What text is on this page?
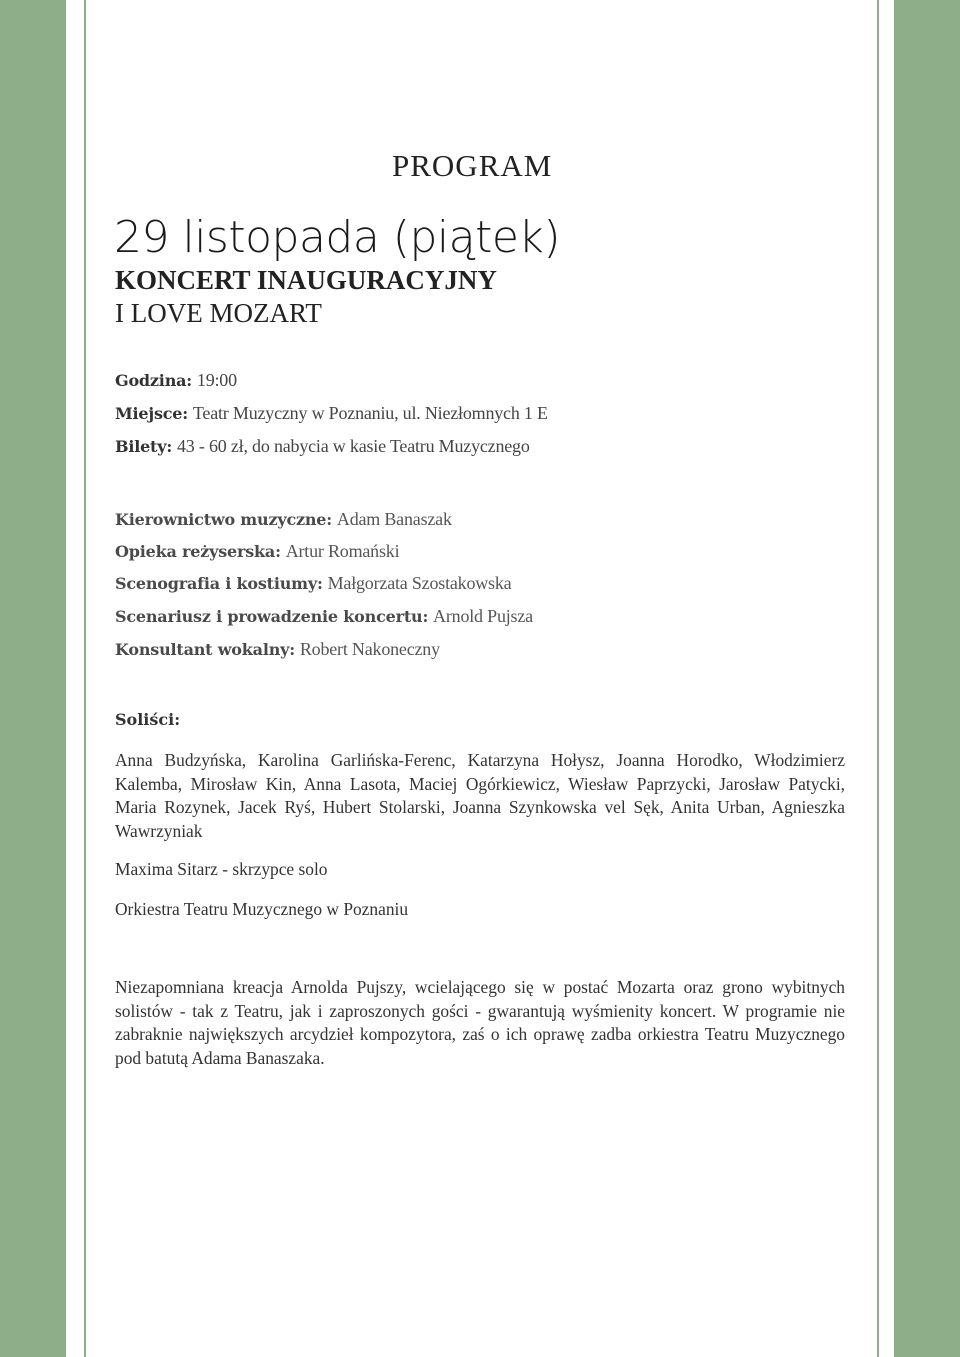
PROGRAM
29 listopada (piątek)
KONCERT INAUGURACYJNY
I LOVE MOZART
Godzina: 19:00
Miejsce: Teatr Muzyczny w Poznaniu, ul. Niezłomnych 1 E
Bilety: 43 - 60 zł, do nabycia w kasie Teatru Muzycznego
Kierownictwo muzyczne: Adam Banaszak
Opieka reżyserska: Artur Romański
Scenografia i kostiumy: Małgorzata Szostakowska
Scenariusz i prowadzenie koncertu: Arnold Pujsza
Konsultant wokalny: Robert Nakoneczny
Soliści:
Anna Budzyńska, Karolina Garlińska-Ferenc, Katarzyna Hołysz, Joanna Horodko, Włodzimierz Kalemba, Mirosław Kin, Anna Lasota, Maciej Ogórkiewicz, Wiesław Paprzycki, Jarosław Patycki, Maria Rozynek, Jacek Ryś, Hubert Stolarski, Joanna Szynkowska vel Sęk, Anita Urban, Agnieszka Wawrzyniak
Maxima Sitarz - skrzypce solo
Orkiestra Teatru Muzycznego w Poznaniu
Niezapomniana kreacja Arnolda Pujszy, wcielającego się w postać Mozarta oraz grono wybitnych solistów - tak z Teatru, jak i zaproszonych gości - gwarantują wyśmienity koncert. W programie nie zabraknie największych arcydzieł kompozytora, zaś o ich oprawę zadba orkiestra Teatru Muzycznego pod batutą Adama Banaszaka.
